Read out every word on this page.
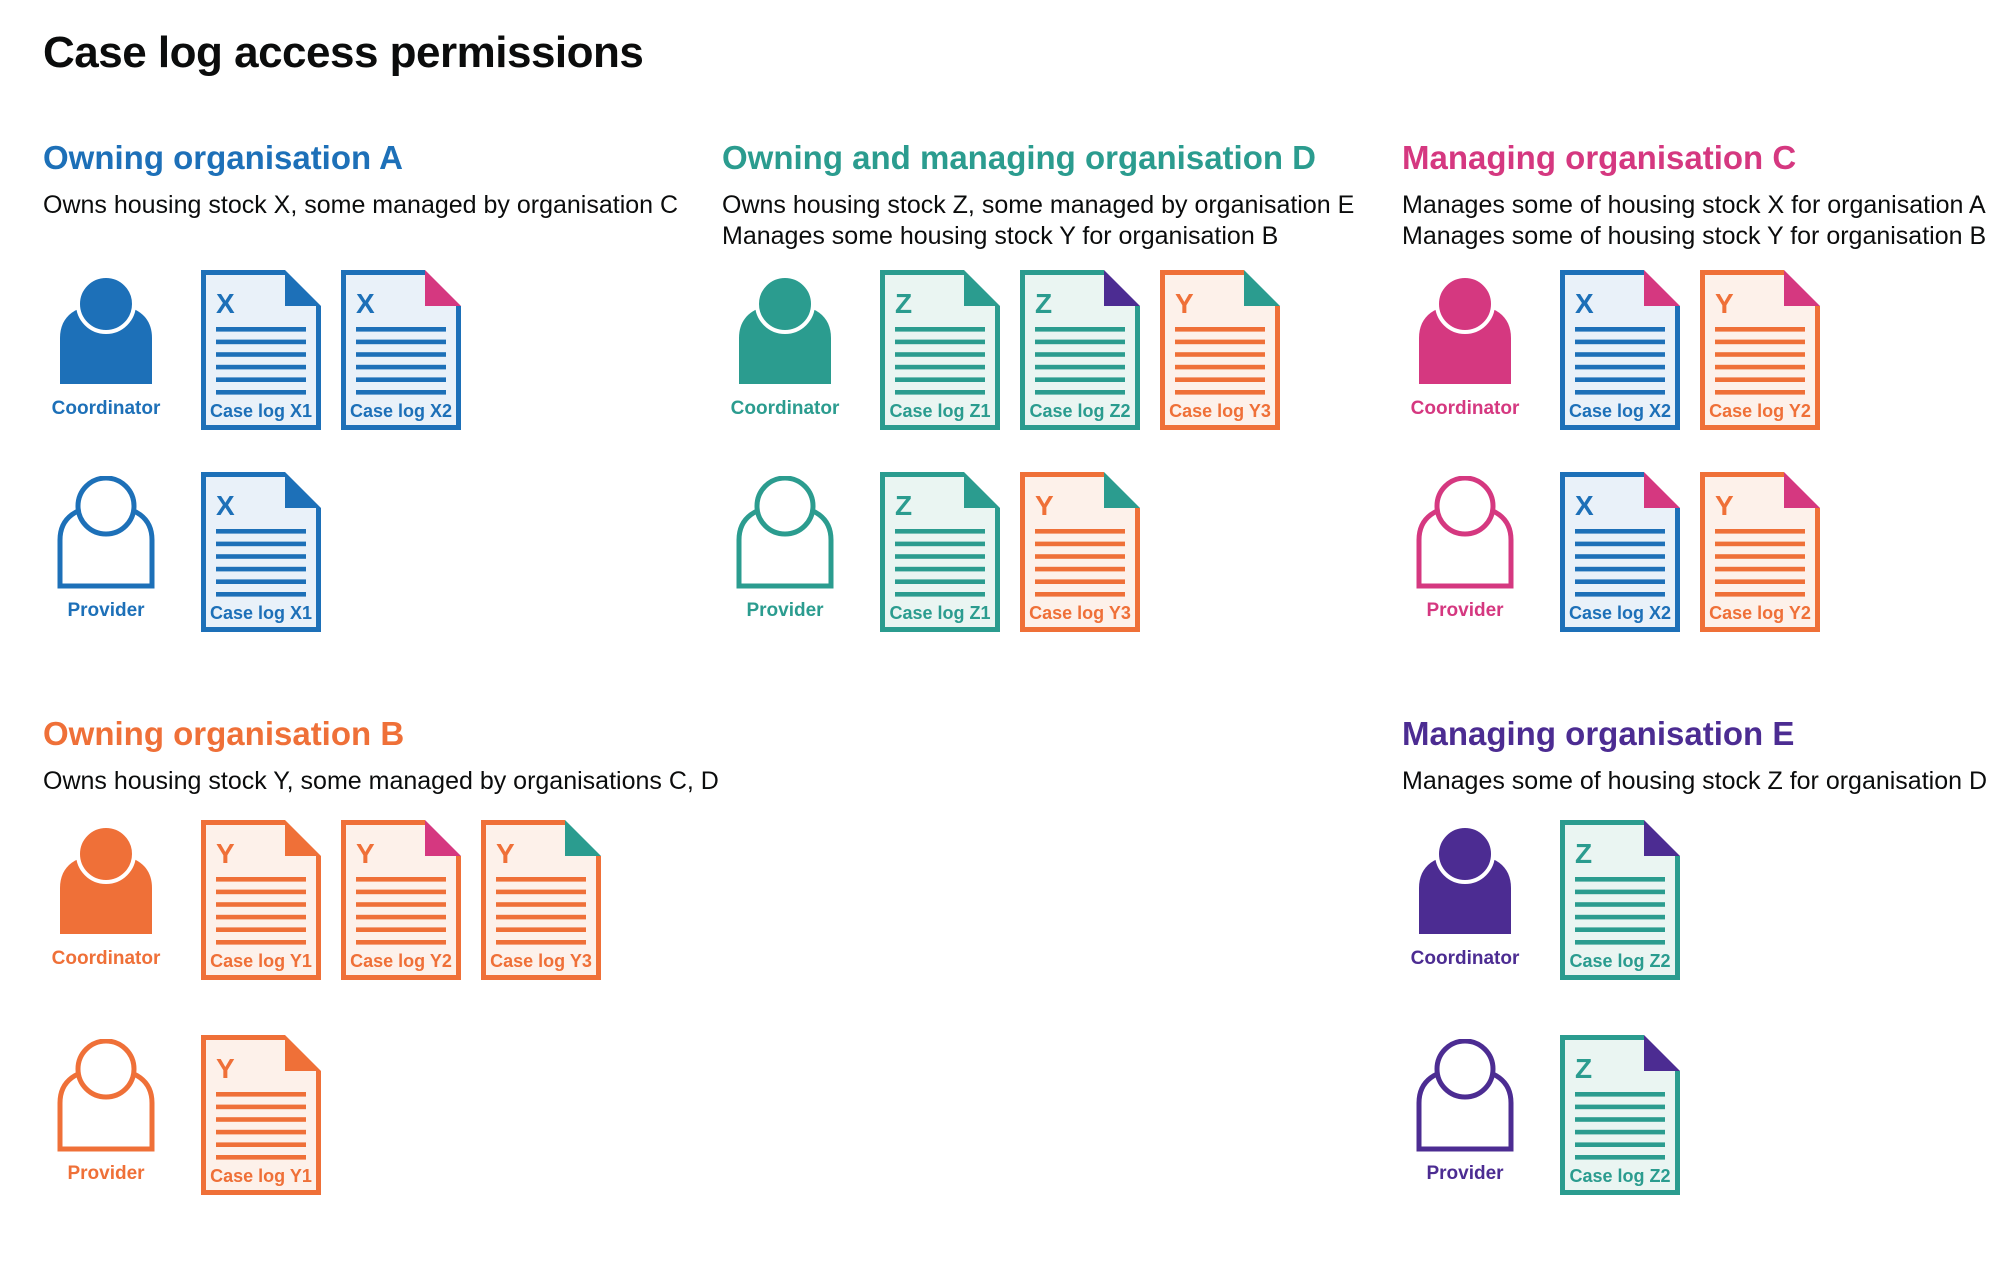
Case log access permissions
Owning organisation A
Owns housing stock X, some managed by organisation C
Coordinator
X
Case log X1
X
Case log X2
Provider
X
Case log X1
Owning and managing organisation D
Owns housing stock Z, some managed by organisation E
Manages some housing stock Y for organisation B
Coordinator
Z
Case log Z1
Z
Case log Z2
Y
Case log Y3
Provider
Z
Case log Z1
Y
Case log Y3
Managing organisation C
Manages some of housing stock X for organisation A
Manages some of housing stock Y for organisation B
Coordinator
X
Case log X2
Y
Case log Y2
Provider
X
Case log X2
Y
Case log Y2
Owning organisation B
Owns housing stock Y, some managed by organisations C, D
Coordinator
Y
Case log Y1
Y
Case log Y2
Y
Case log Y3
Provider
Y
Case log Y1
Managing organisation E
Manages some of housing stock Z for organisation D
Coordinator
Z
Case log Z2
Provider
Z
Case log Z2
